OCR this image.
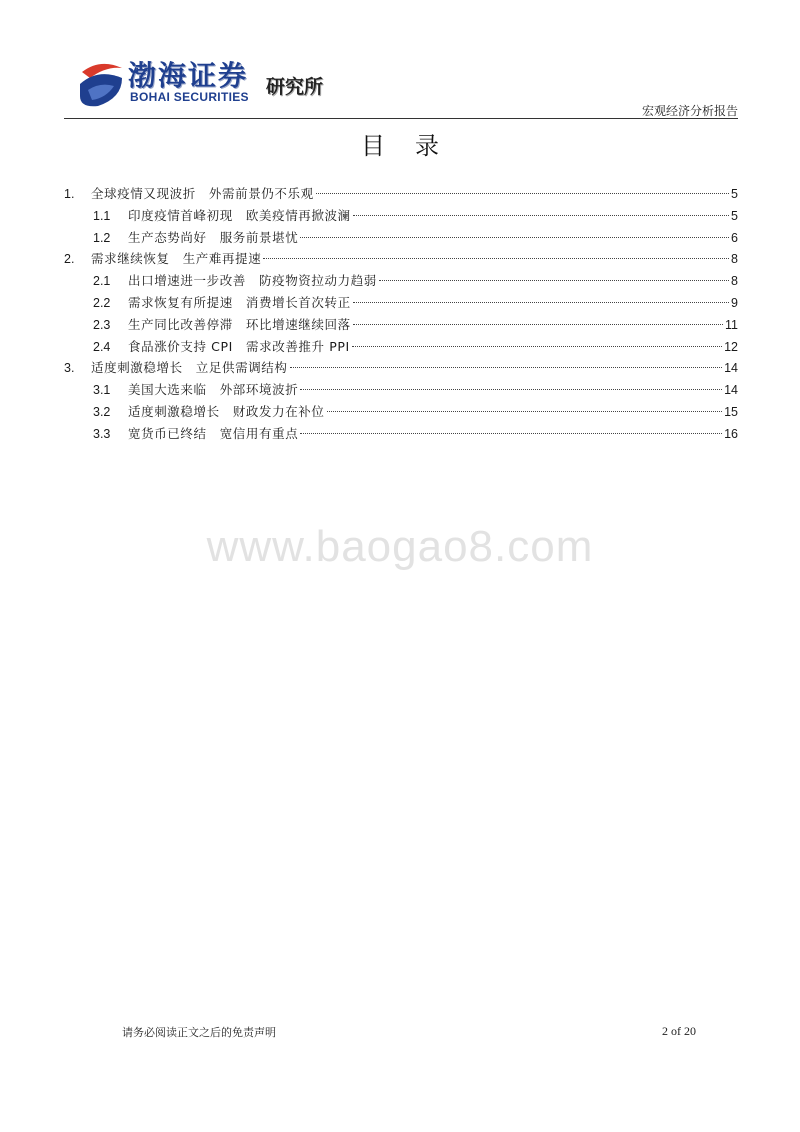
渤海证券
BOHAI SECURITIES 研究所
宏观经济分析报告
目录
1.	全球疫情又现波折　外需前景仍不乐观	5
1.1	印度疫情首峰初现　欧美疫情再掀波澜	5
1.2	生产态势尚好　服务前景堪忧	6
2.	需求继续恢复　生产难再提速	8
2.1	出口增速进一步改善　防疫物资拉动力趋弱	8
2.2	需求恢复有所提速　消费增长首次转正	9
2.3	生产同比改善停滞　环比增速继续回落	11
2.4	食品涨价支持 CPI　需求改善推升 PPI	12
3.	适度刺激稳增长　立足供需调结构	14
3.1	美国大选来临　外部环境波折	14
3.2	适度刺激稳增长　财政发力在补位	15
3.3	宽货币已终结　宽信用有重点	16
www.baogao8.com
请务必阅读正文之后的免责声明	2 of 20
